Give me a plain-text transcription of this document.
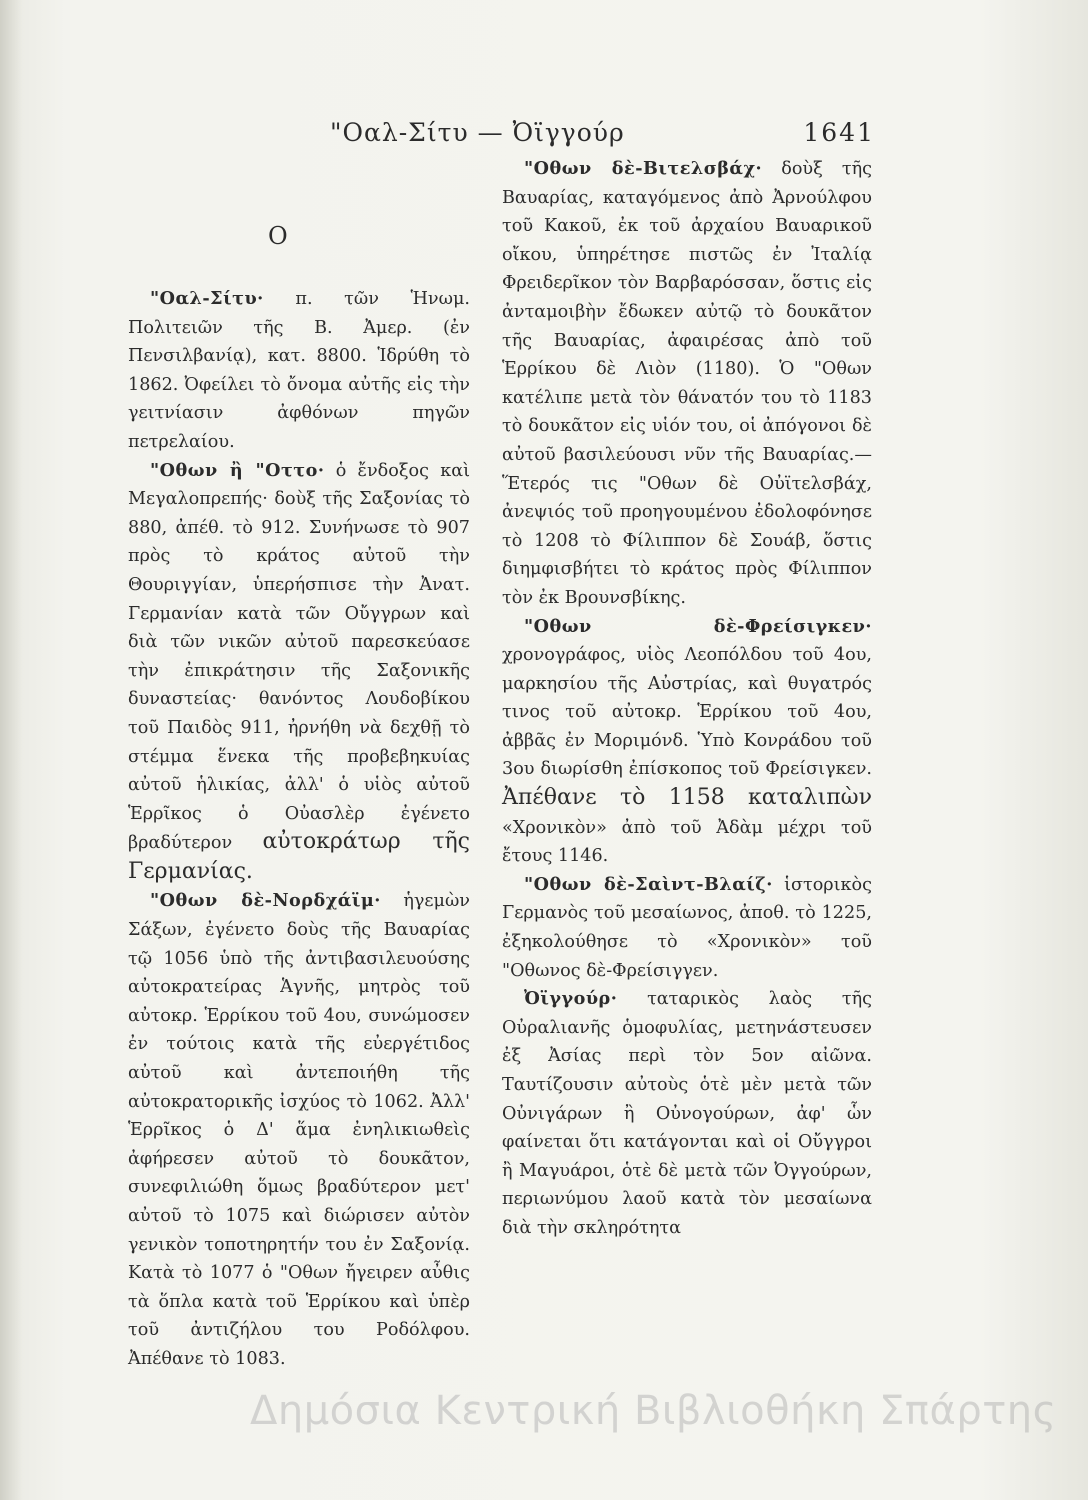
"Οαλ-Σίτυ — Ὀϊγγούρ	1641
Ο

"Οαλ-Σίτυ· π. τῶν Ἡνωμ. Πολιτειῶν τῆς Β. Ἀμερ. (ἐν Πενσιλβανίᾳ), κατ. 8800. Ἱδρύθη τὸ 1862. Ὀφείλει τὸ ὄνομα αὐτῆς εἰς τὴν γειτνίασιν ἀφθόνων πηγῶν πετρελαίου.

"Οθων ἢ "Οττο· ὁ ἔνδοξος καὶ Μεγαλοπρεπής· δοὺξ τῆς Σαξονίας τὸ 880, ἀπέθ. τὸ 912. Συνήνωσε τὸ 907 πρὸς τὸ κράτος αὐτοῦ τὴν Θουριγγίαν, ὑπερήσπισε τὴν Ἀνατ. Γερμανίαν κατὰ τῶν Οὔγγρων καὶ διὰ τῶν νικῶν αὐτοῦ παρεσκεύασε τὴν ἐπικράτησιν τῆς Σαξονικῆς δυναστείας· θανόντος Λουδοβίκου τοῦ Παιδὸς 911, ἠρνήθη νὰ δεχθῇ τὸ στέμμα ἕνεκα τῆς προβεβηκυίας αὐτοῦ ἡλικίας, ἀλλ' ὁ υἱὸς αὐτοῦ Ἑρρῖκος ὁ Οὐασλὲρ ἐγένετο βραδύτερον αὐτοκράτωρ τῆς Γερμανίας.

"Οθων δὲ-Νορδχάϊμ· ἡγεμὼν Σάξων, ἐγένετο δοὺς τῆς Βαυαρίας τῷ 1056 ὑπὸ τῆς ἀντιβασιλευούσης αὐτοκρατείρας Ἁγνῆς, μητρὸς τοῦ αὐτοκρ. Ἑρρίκου τοῦ 4ου, συνώμοσεν ἐν τούτοις κατὰ τῆς εὐεργέτιδος αὐτοῦ καὶ ἀντεποιήθη τῆς αὐτοκρατορικῆς ἰσχύος τὸ 1062. Ἀλλ' Ἑρρῖκος ὁ Δ' ἅμα ἐνηλικιωθεὶς ἀφήρεσεν αὐτοῦ τὸ δουκᾶτον, συνεφιλιώθη ὅμως βραδύτερον μετ' αὐτοῦ τὸ 1075 καὶ διώρισεν αὐτὸν γενικὸν τοποτηρητήν του ἐν Σαξονίᾳ. Κατὰ τὸ 1077 ὁ "Οθων ἤγειρεν αὖθις τὰ ὅπλα κατὰ τοῦ Ἑρρίκου καὶ ὑπὲρ τοῦ ἀντιζήλου του Ροδόλφου. Ἀπέθανε τὸ 1083.

"Οθων δὲ-Βιτελσβάχ· δοὺξ τῆς Βαυαρίας, καταγόμενος ἀπὸ Ἀρνούλφου τοῦ Κακοῦ, ἐκ τοῦ ἀρχαίου Βαυαρικοῦ οἴκου, ὑπηρέτησε πιστῶς ἐν Ἰταλίᾳ Φρειδερῖκον τὸν Βαρβαρόσσαν, ὅστις εἰς ἀνταμοιβὴν ἔδωκεν αὐτῷ τὸ δουκᾶτον τῆς Βαυαρίας, ἀφαιρέσας ἀπὸ τοῦ Ἑρρίκου δὲ Λιὸν (1180). Ὁ "Οθων κατέλιπε μετὰ τὸν θάνατόν του τὸ 1183 τὸ δουκᾶτον εἰς υἱόν του, οἱ ἀπόγονοι δὲ αὐτοῦ βασιλεύουσι νῦν τῆς Βαυαρίας.—Ἕτερός τις "Οθων δὲ Οὐϊτελσβάχ, ἀνεψιός τοῦ προηγουμένου ἐδολοφόνησε τὸ 1208 τὸ Φίλιππον δὲ Σουάβ, ὅστις διημφισβήτει τὸ κράτος πρὸς Φίλιππον τὸν ἐκ Βρουνσβίκης.

"Οθων δὲ-Φρείσιγκεν· χρονογράφος, υἱὸς Λεοπόλδου τοῦ 4ου, μαρκησίου τῆς Αὐστρίας, καὶ θυγατρός τινος τοῦ αὐτοκρ. Ἑρρίκου τοῦ 4ου, ἀββᾶς ἐν Μοριμόνδ. Ὑπὸ Κονράδου τοῦ 3ου διωρίσθη ἐπίσκοπος τοῦ Φρείσιγκεν. Ἀπέθανε τὸ 1158 καταλιπὼν «Χρονικὸν» ἀπὸ τοῦ Ἀδὰμ μέχρι τοῦ ἔτους 1146.

"Οθων δὲ-Σαὶντ-Βλαίζ· ἱστορικὸς Γερμανὸς τοῦ μεσαίωνος, ἀποθ. τὸ 1225, ἐξηκολούθησε τὸ «Χρονικὸν» τοῦ "Οθωνος δὲ-Φρείσιγγεν.

Ὀϊγγούρ· ταταρικὸς λαὸς τῆς Οὐραλιανῆς ὁμοφυλίας, μετηνάστευσεν ἐξ Ἀσίας περὶ τὸν 5ον αἰῶνα. Ταυτίζουσιν αὐτοὺς ὁτὲ μὲν μετὰ τῶν Οὐνιγάρων ἢ Οὐνογούρων, ἀφ' ὧν φαίνεται ὅτι κατάγονται καὶ οἱ Οὔγγροι ἢ Μαγυάροι, ὁτὲ δὲ μετὰ τῶν Ὀγγούρων, περιωνύμου λαοῦ κατὰ τὸν μεσαίωνα διὰ τὴν σκληρότητα

Δημόσια Κεντρική Βιβλιοθήκη Σπάρτης
